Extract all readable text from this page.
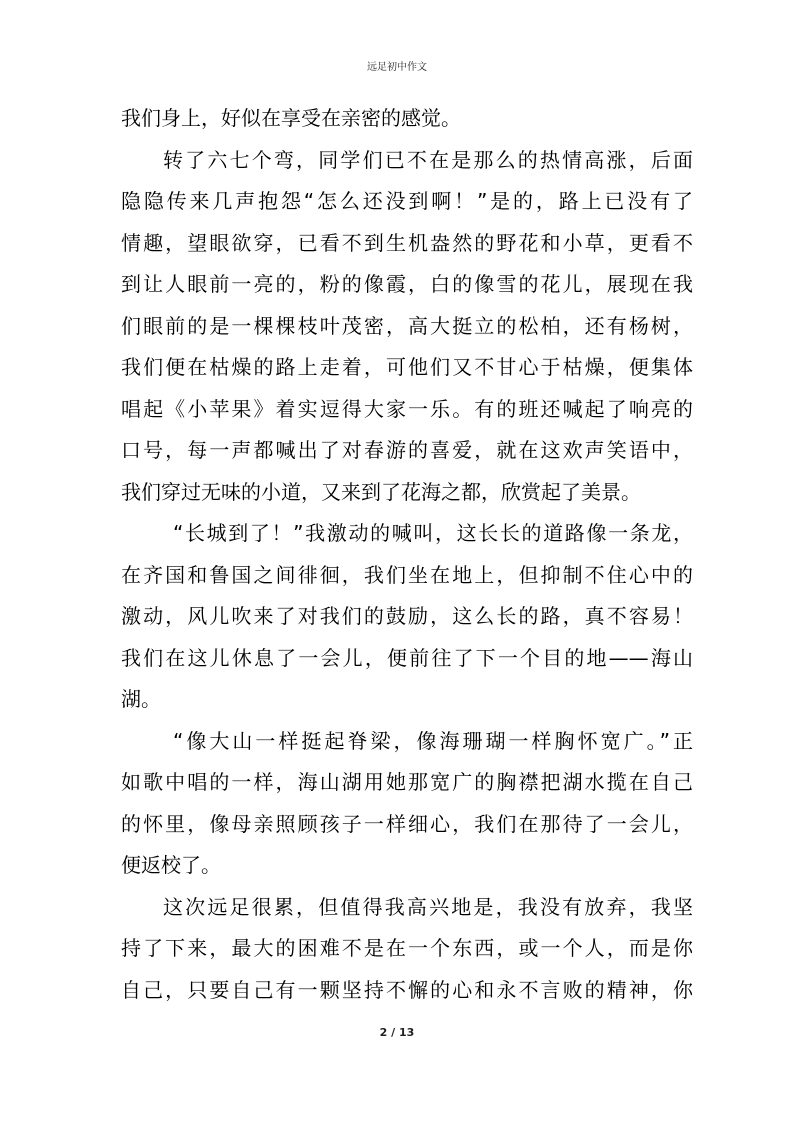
远足初中作文
我们身上，好似在享受在亲密的感觉。
转了六七个弯，同学们已不在是那么的热情高涨，后面
隐隐传来几声抱怨“怎么还没到啊！”是的，路上已没有了
情趣，望眼欲穿，已看不到生机盎然的野花和小草，更看不
到让人眼前一亮的，粉的像霞，白的像雪的花儿，展现在我
们眼前的是一棵棵枝叶茂密，高大挺立的松柏，还有杨树，
我们便在枯燥的路上走着，可他们又不甘心于枯燥，便集体
唱起《小苹果》着实逗得大家一乐。有的班还喊起了响亮的
口号，每一声都喊出了对春游的喜爱，就在这欢声笑语中，
我们穿过无味的小道，又来到了花海之都，欣赏起了美景。
“长城到了！”我激动的喊叫，这长长的道路像一条龙，
在齐国和鲁国之间徘徊，我们坐在地上，但抑制不住心中的
激动，风儿吹来了对我们的鼓励，这么长的路，真不容易！
我们在这儿休息了一会儿，便前往了下一个目的地——海山
湖。
“像大山一样挺起脊梁，像海珊瑚一样胸怀宽广。”正
如歌中唱的一样，海山湖用她那宽广的胸襟把湖水揽在自己
的怀里，像母亲照顾孩子一样细心，我们在那待了一会儿，
便返校了。
这次远足很累，但值得我高兴地是，我没有放弃，我坚
持了下来，最大的困难不是在一个东西，或一个人，而是你
自己，只要自己有一颗坚持不懈的心和永不言败的精神，你
2 / 13
